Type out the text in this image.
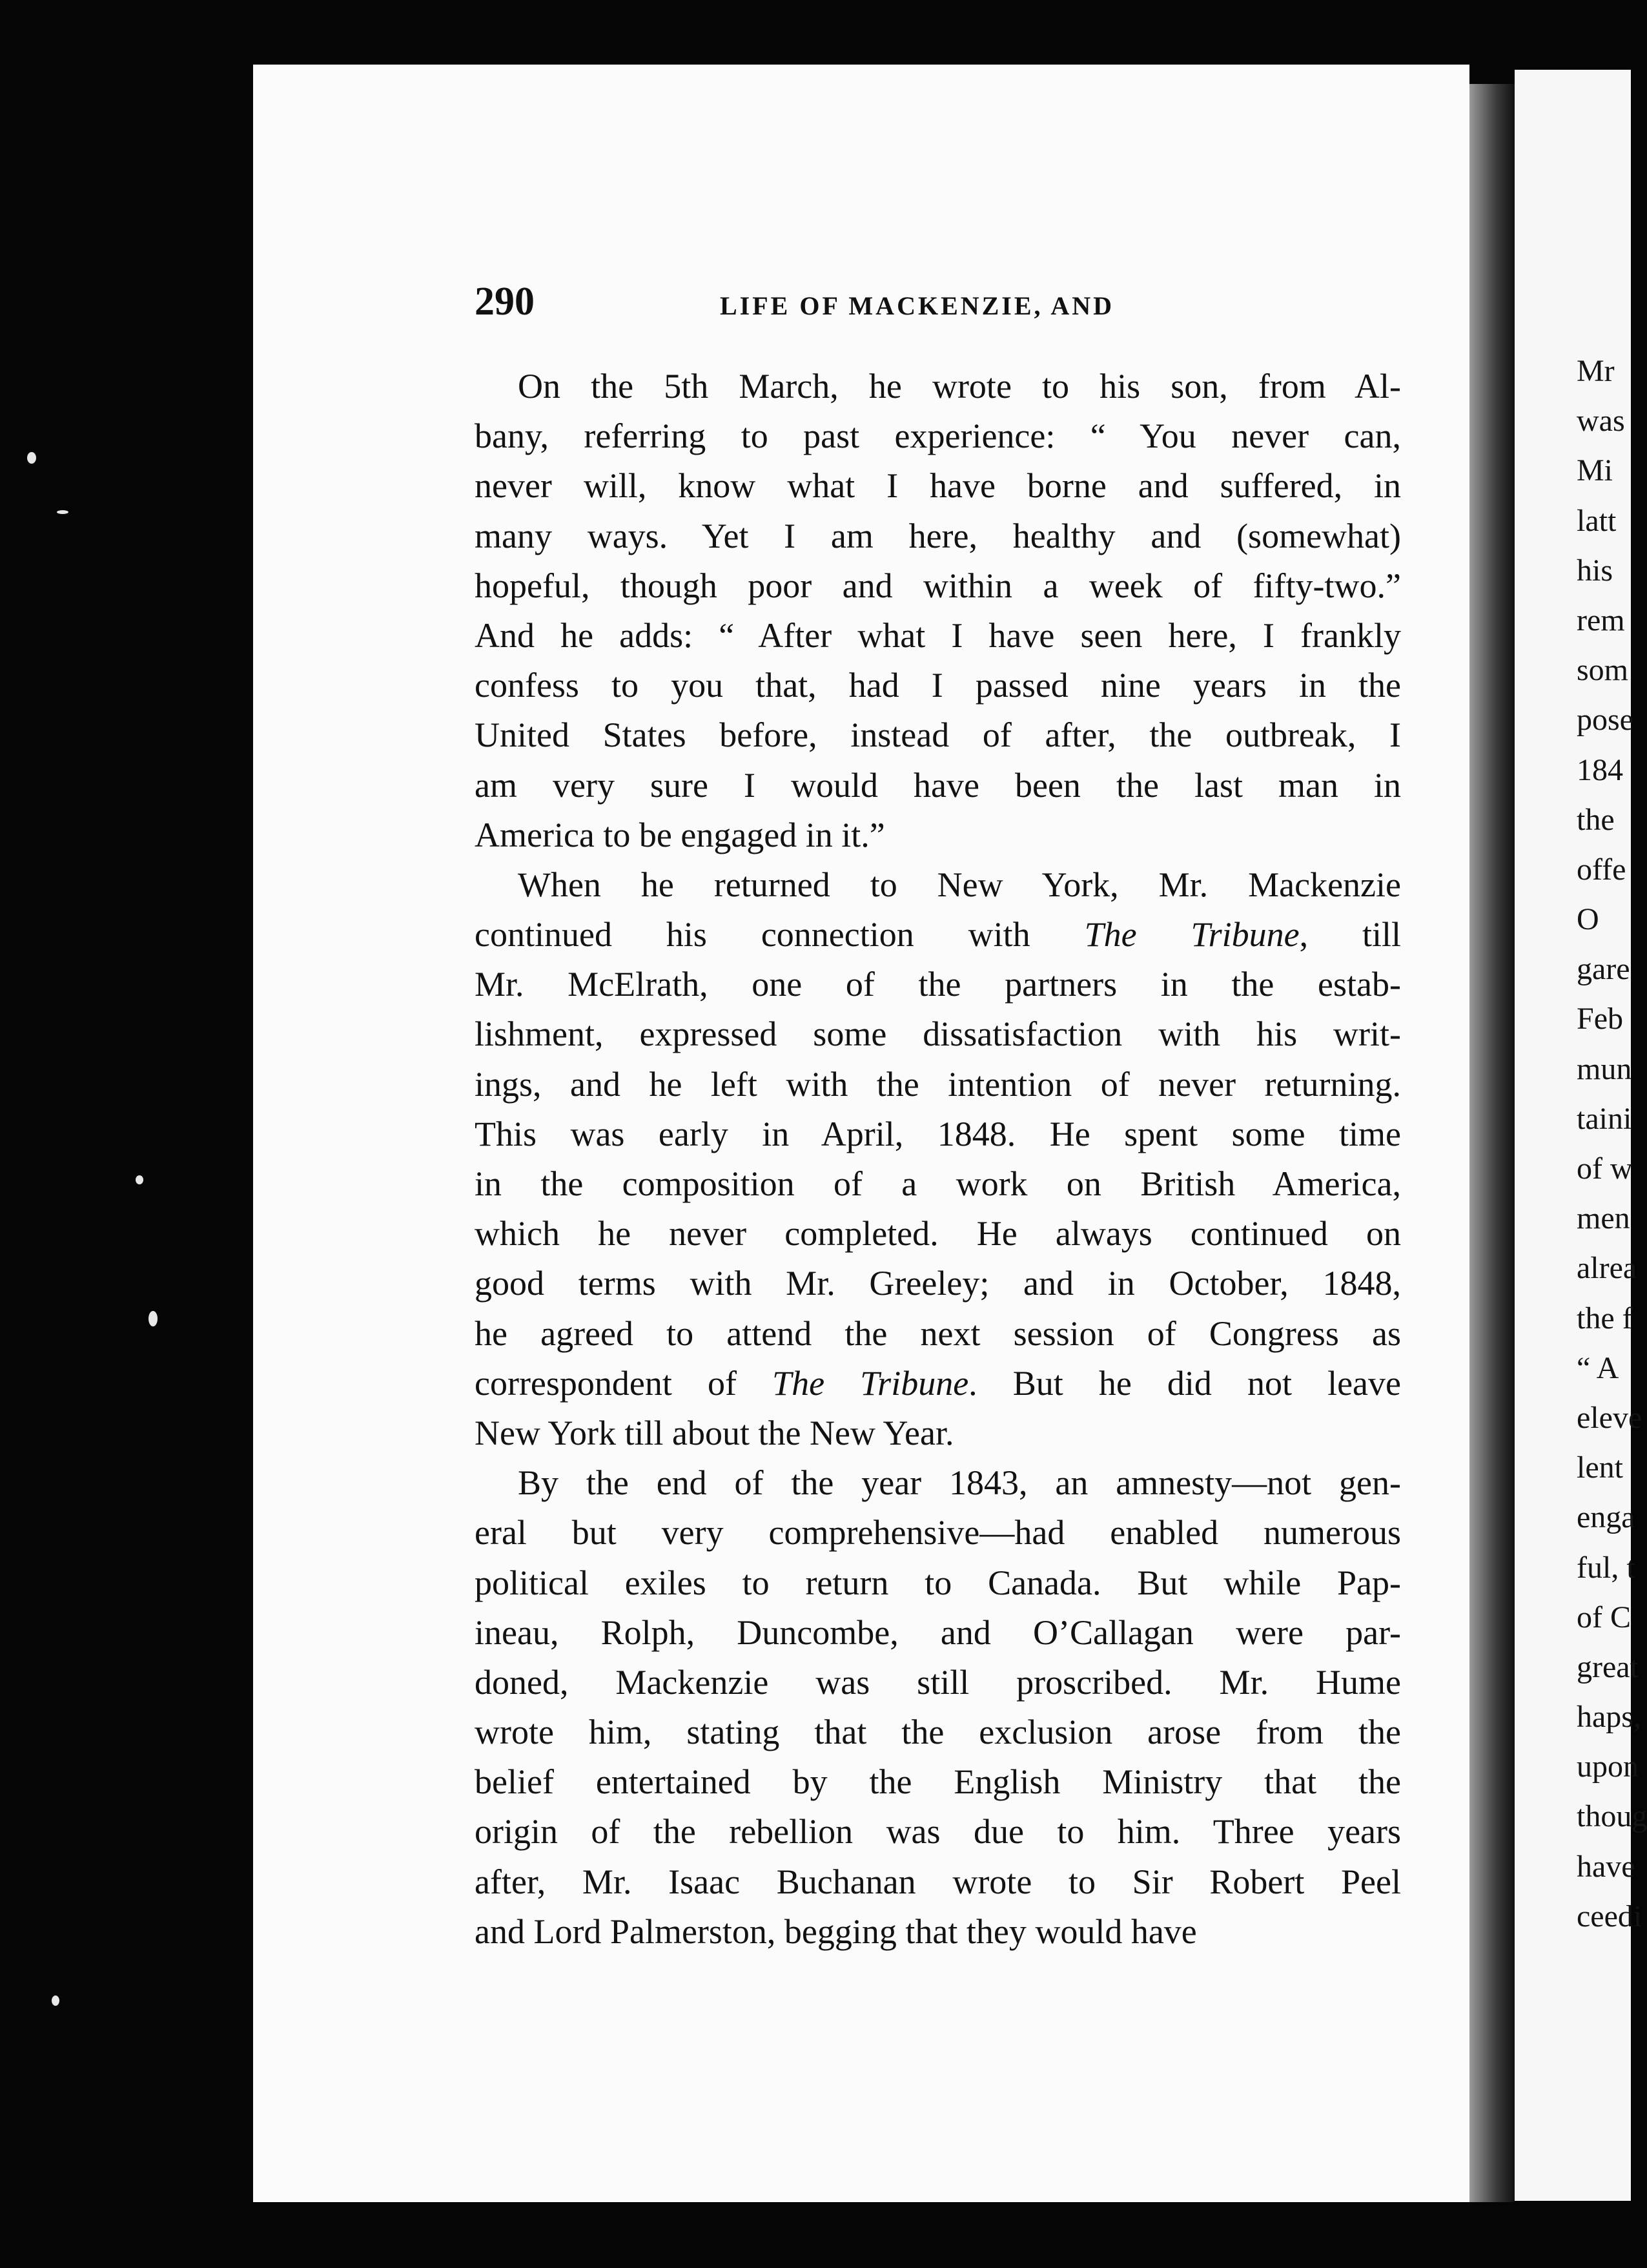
Mr
was
Mi
latt
his
rem
som
pose
184
the
offe
O
gare
Feb
mun
taini
of w
men
alrea
the f
“ A
eleve
lent
enga
ful, t
of C
great
haps,
upon
thoug
have
ceedi
290	LIFE OF MACKENZIE, AND
On the 5th March, he wrote to his son, from Al-
bany, referring to past experience: “ You never can,
never will, know what I have borne and suffered, in
many ways. Yet I am here, healthy and (somewhat)
hopeful, though poor and within a week of fifty-two.”
And he adds: “ After what I have seen here, I frankly
confess to you that, had I passed nine years in the
United States before, instead of after, the outbreak, I
am very sure I would have been the last man in
America to be engaged in it.”
When he returned to New York, Mr. Mackenzie
continued his connection with The Tribune, till
Mr. McElrath, one of the partners in the estab-
lishment, expressed some dissatisfaction with his writ-
ings, and he left with the intention of never returning.
This was early in April, 1848. He spent some time
in the composition of a work on British America,
which he never completed. He always continued on
good terms with Mr. Greeley; and in October, 1848,
he agreed to attend the next session of Congress as
correspondent of The Tribune. But he did not leave
New York till about the New Year.
By the end of the year 1843, an amnesty—not gen-
eral but very comprehensive—had enabled numerous
political exiles to return to Canada. But while Pap-
ineau, Rolph, Duncombe, and O’Callagan were par-
doned, Mackenzie was still proscribed. Mr. Hume
wrote him, stating that the exclusion arose from the
belief entertained by the English Ministry that the
origin of the rebellion was due to him. Three years
after, Mr. Isaac Buchanan wrote to Sir Robert Peel
and Lord Palmerston, begging that they would have
